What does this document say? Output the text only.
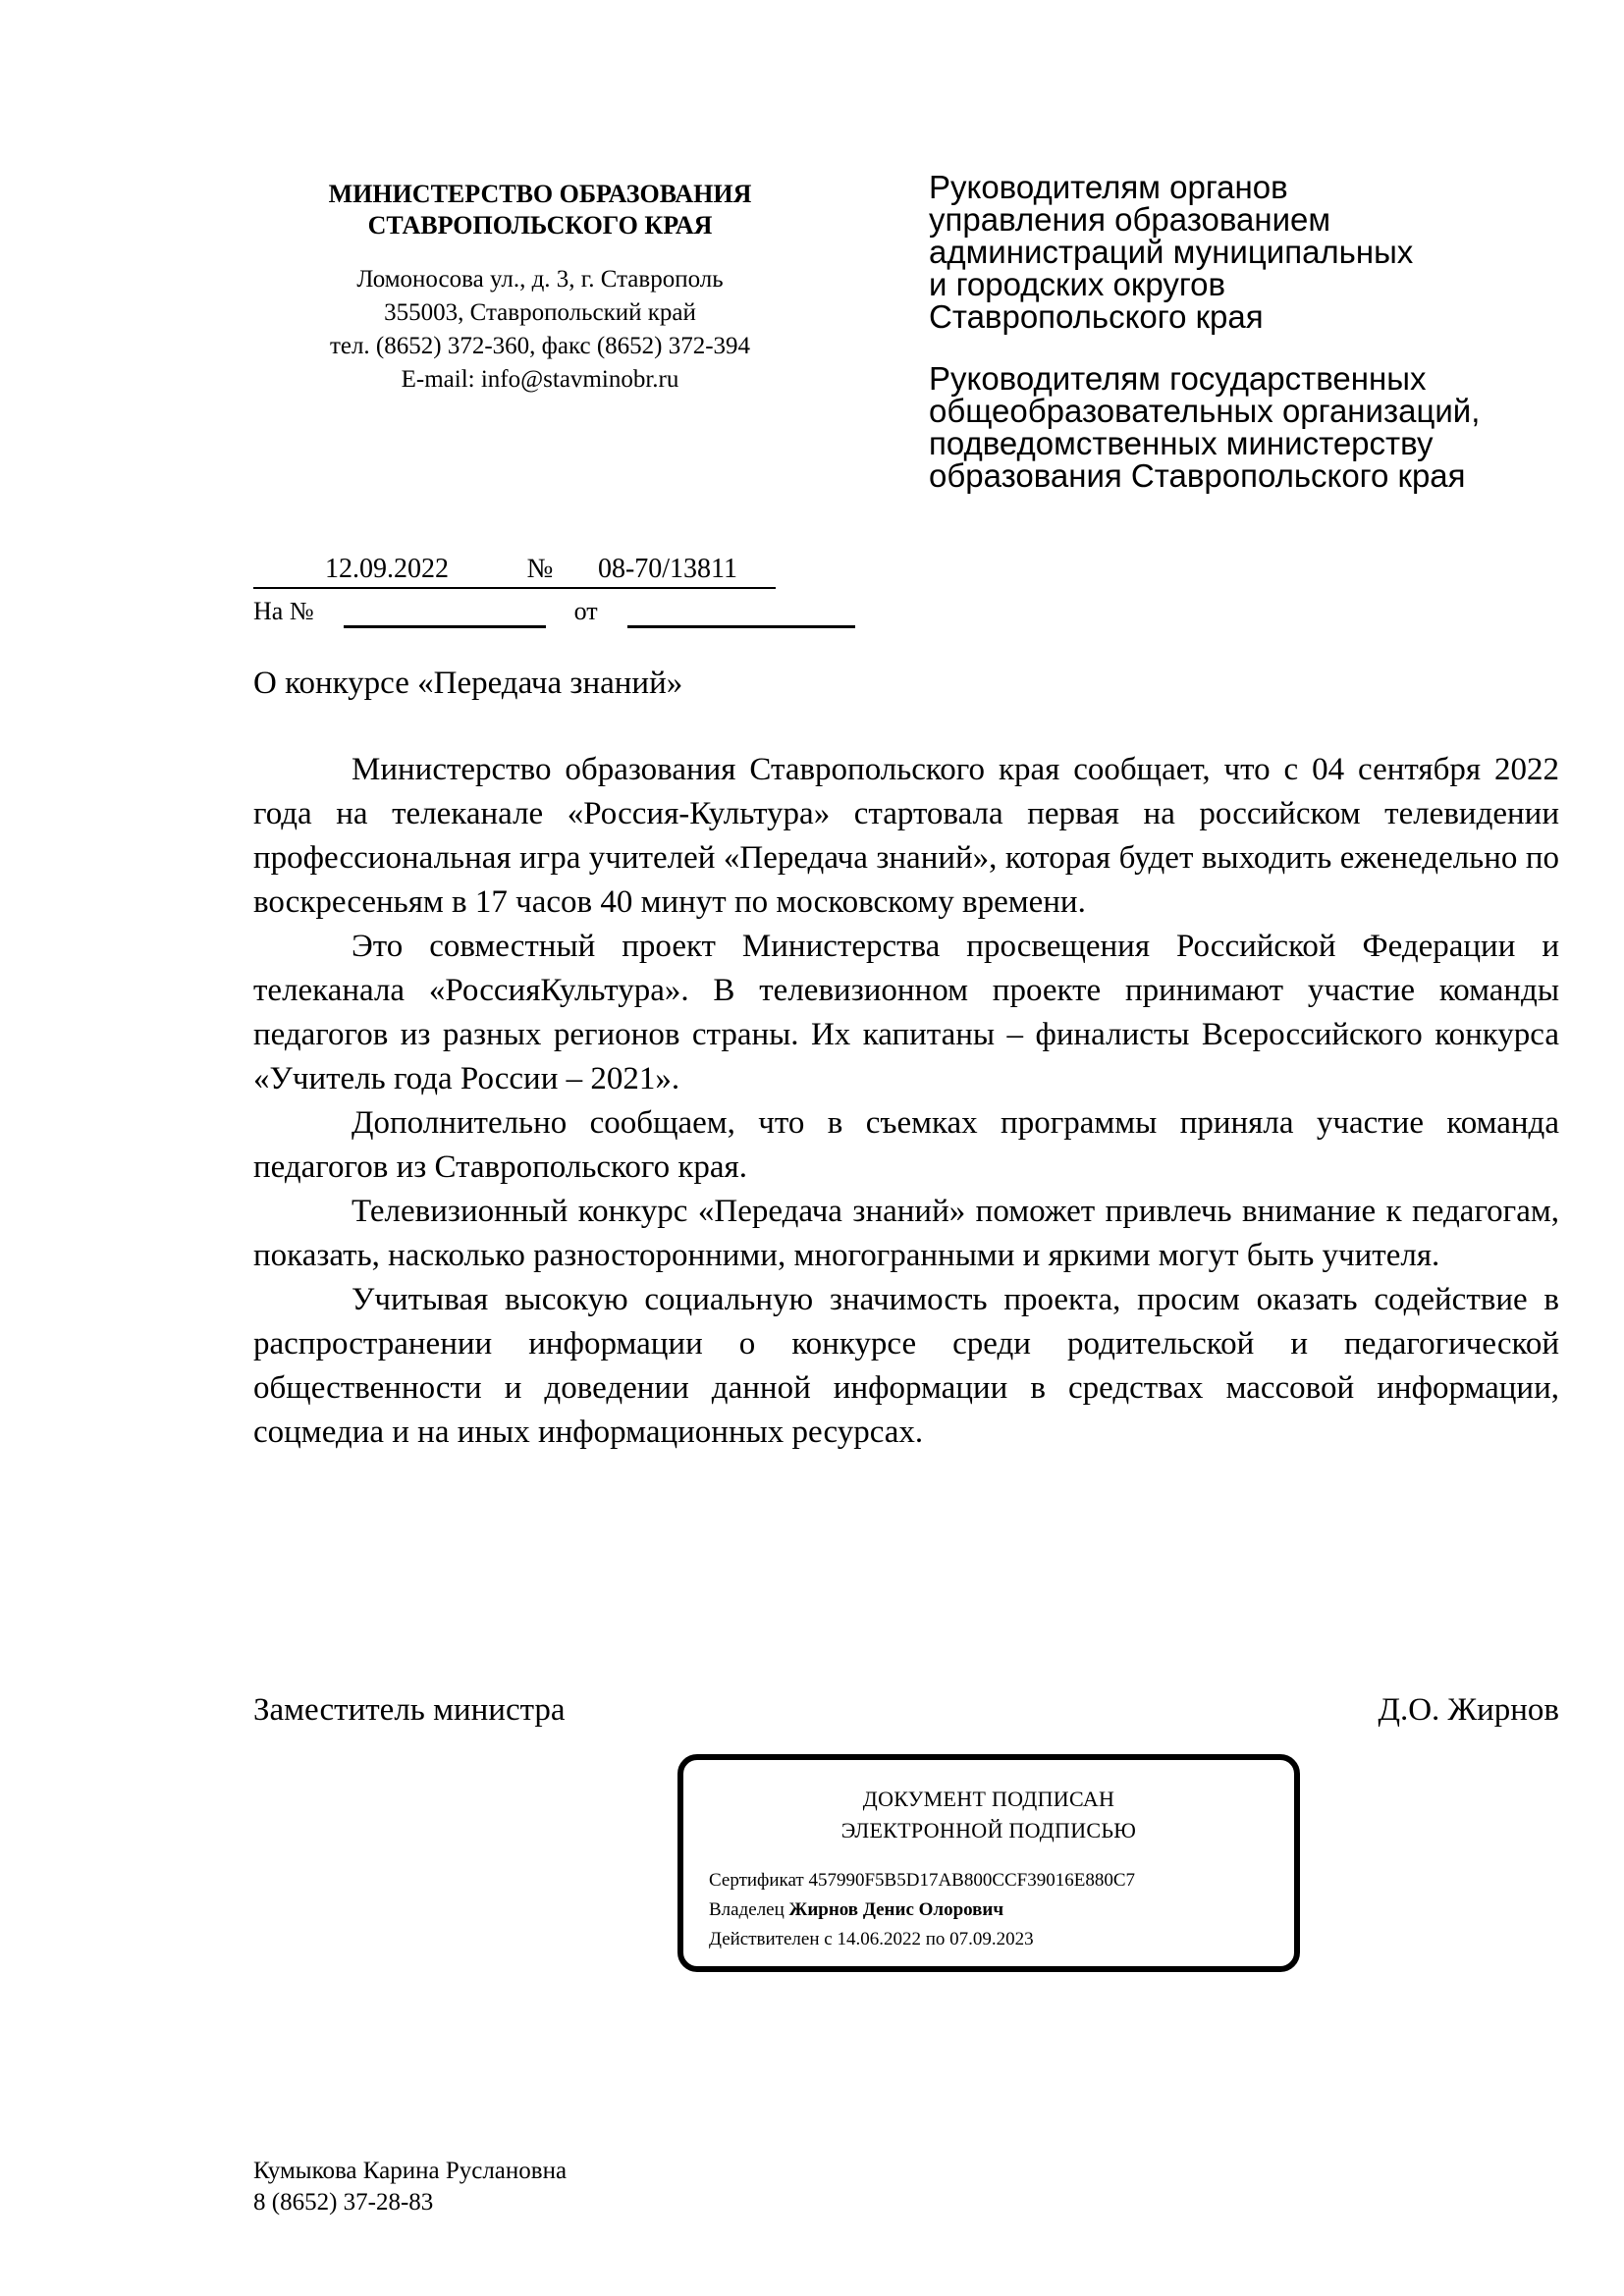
МИНИСТЕРСТВО ОБРАЗОВАНИЯ
СТАВРОПОЛЬСКОГО КРАЯ
Ломоносова ул., д. 3, г. Ставрополь
355003, Ставропольский край
тел. (8652) 372-360, факс (8652) 372-394
E-mail: info@stavminobr.ru
Руководителям органов
управления образованием
администраций муниципальных
и городских округов
Ставропольского края
Руководителям государственных
общеобразовательных организаций,
подведомственных министерству
образования Ставропольского края
12.09.2022	№ 08-70/13811
На №	от
О конкурсе «Передача знаний»

Министерство образования Ставропольского края сообщает, что с 04 сентября 2022 года на телеканале «Россия-Культура» стартовала первая на российском телевидении профессиональная игра учителей «Передача знаний», которая будет выходить еженедельно по воскресеньям в 17 часов 40 минут по московскому времени.

Это совместный проект Министерства просвещения Российской Федерации и телеканала «РоссияКультура». В телевизионном проекте принимают участие команды педагогов из разных регионов страны. Их капитаны – финалисты Всероссийского конкурса «Учитель года России – 2021».

Дополнительно сообщаем, что в съемках программы приняла участие команда педагогов из Ставропольского края.

Телевизионный конкурс «Передача знаний» поможет привлечь внимание к педагогам, показать, насколько разносторонними, многогранными и яркими могут быть учителя.

Учитывая высокую социальную значимость проекта, просим оказать содействие в распространении информации о конкурсе среди родительской и педагогической общественности и доведении данной информации в средствах массовой информации, соцмедиа и на иных информационных ресурсах.

Заместитель министра	Д.О. Жирнов
ДОКУМЕНТ ПОДПИСАН
ЭЛЕКТРОННОЙ ПОДПИСЬЮ
Сертификат 457990F5B5D17AB800CCF39016E880C7
Владелец Жирнов Денис Олорович
Действителен с 14.06.2022 по 07.09.2023
Кумыкова Карина Руслановна
8 (8652) 37-28-83
